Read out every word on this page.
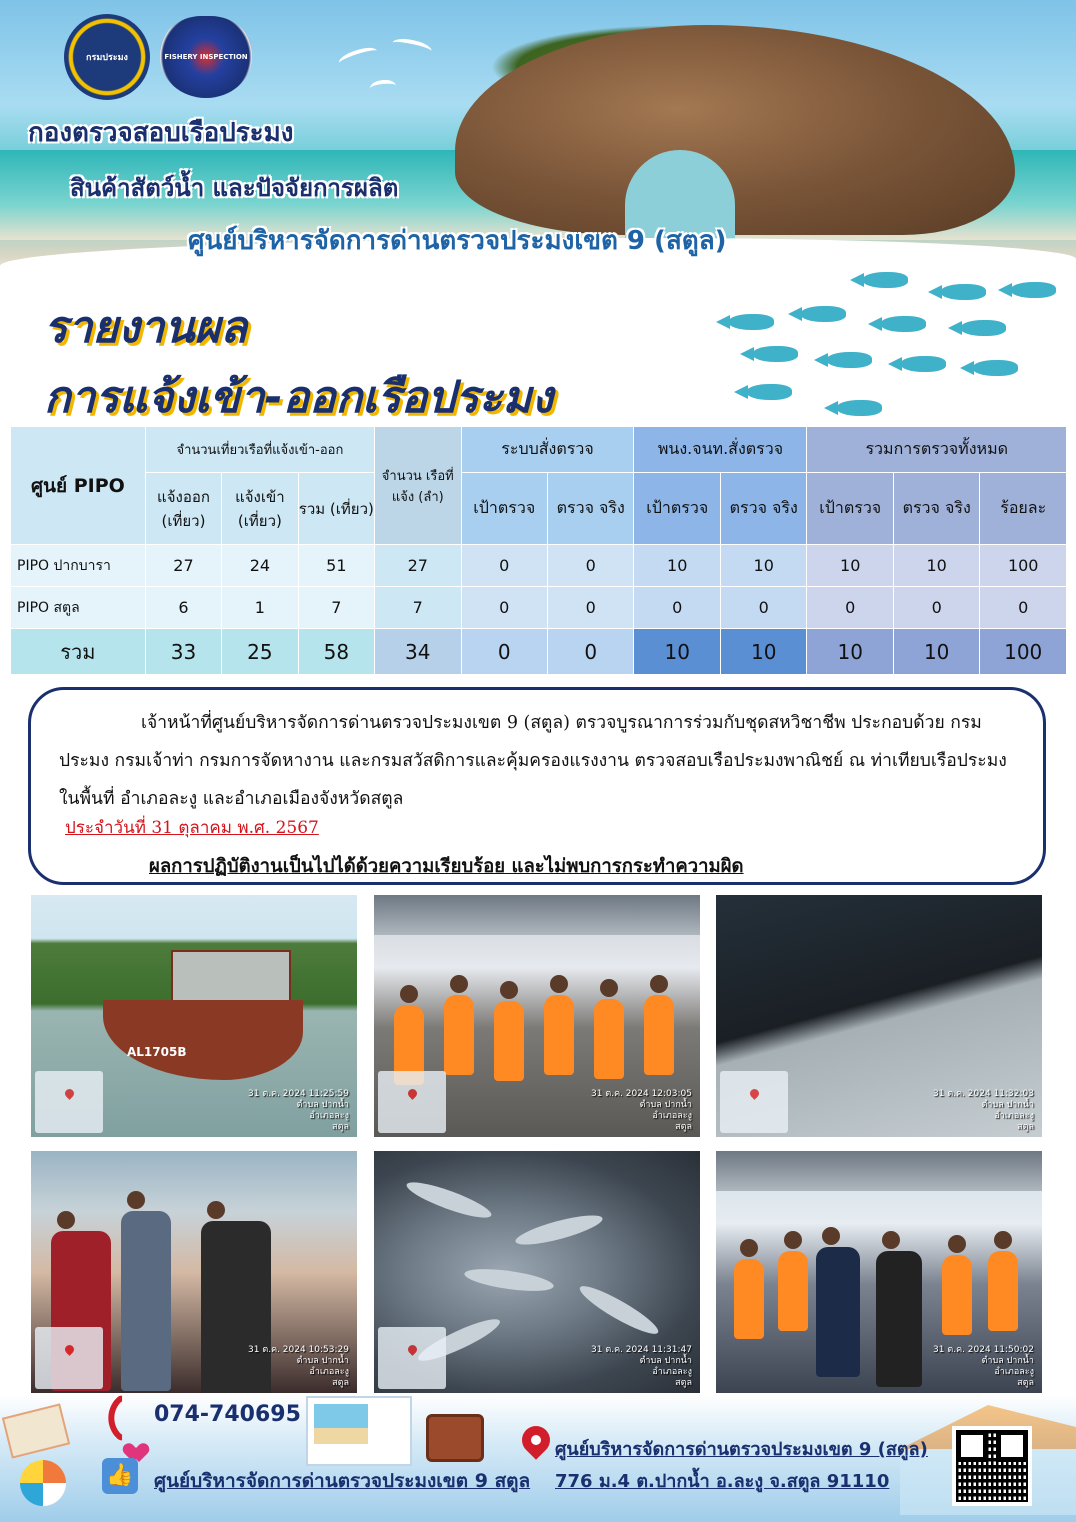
กรมประมง	FISHERY INSPECTION
กองตรวจสอบเรือประมง
สินค้าสัตว์น้ำ และปัจจัยการผลิต
ศูนย์บริหารจัดการด่านตรวจประมงเขต 9 (สตูล)
รายงานผล
การแจ้งเข้า-ออกเรือประมง
ศูนย์ PIPO	จำนวนเที่ยวเรือที่แจ้งเข้า-ออก			จำนวน เรือที่แจ้ง (ลำ)	ระบบสั่งตรวจ		พนง.จนท.สั่งตรวจ		รวมการตรวจทั้งหมด		
	แจ้งออก (เที่ยว)	แจ้งเข้า (เที่ยว)	รวม (เที่ยว)		เป้าตรวจ	ตรวจ จริง	เป้าตรวจ	ตรวจ จริง	เป้าตรวจ	ตรวจ จริง	ร้อยละ
PIPO ปากบารา	27	24	51	27	0	0	10	10	10	10	100
PIPO สตูล	6	1	7	7	0	0	0	0	0	0	0
รวม	33	25	58	34	0	0	10	10	10	10	100
เจ้าหน้าที่ศูนย์บริหารจัดการด่านตรวจประมงเขต 9 (สตูล) ตรวจบูรณาการร่วมกับชุดสหวิชาชีพ ประกอบด้วย กรมประมง กรมเจ้าท่า กรมการจัดหางาน และกรมสวัสดิการและคุ้มครองแรงงาน ตรวจสอบเรือประมงพาณิชย์ ณ ท่าเทียบเรือประมง ในพื้นที่ อำเภอละงู และอำเภอเมืองจังหวัดสตูล
ประจำวันที่ 31 ตุลาคม พ.ศ. 2567
ผลการปฏิบัติงานเป็นไปได้ด้วยความเรียบร้อย และไม่พบการกระทำความผิด
AL1705B
31 ต.ค. 2024 11:25:59
ตำบล ปากน้ำ
อำเภอละงู
สตูล
31 ต.ค. 2024 12:03:05
ตำบล ปากน้ำ
อำเภอละงู
สตูล
31 ต.ค. 2024 11:32:03
ตำบล ปากน้ำ
อำเภอละงู
สตูล
31 ต.ค. 2024 10:53:29
ตำบล ปากน้ำ
อำเภอละงู
สตูล
31 ต.ค. 2024 11:31:47
ตำบล ปากน้ำ
อำเภอละงู
สตูล
31 ต.ค. 2024 11:50:02
ตำบล ปากน้ำ
อำเภอละงู
สตูล
074-740695
👍 ศูนย์บริหารจัดการด่านตรวจประมงเขต 9 สตูล
ศูนย์บริหารจัดการด่านตรวจประมงเขต 9 (สตูล)
776 ม.4 ต.ปากน้ำ อ.ละงู จ.สตูล 91110
